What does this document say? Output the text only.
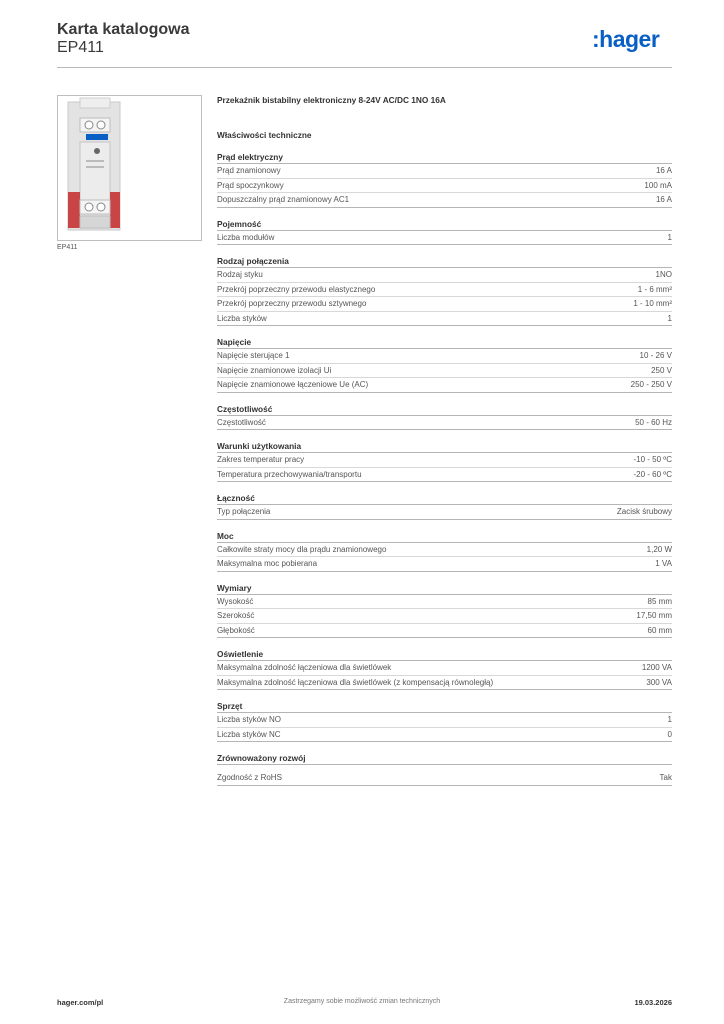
Karta katalogowa
EP411	:hager
EP411
Przekaźnik bistabilny elektroniczny 8-24V AC/DC 1NO 16A
Właściwości techniczne
Prąd elektryczny
Prąd znamionowy	16 A
Prąd spoczynkowy	100 mA
Dopuszczalny prąd znamionowy AC1	16 A
Pojemność
Liczba modułów	1
Rodzaj połączenia
Rodzaj styku	1NO
Przekrój poprzeczny przewodu elastycznego	1 - 6 mm²
Przekrój poprzeczny przewodu sztywnego	1 - 10 mm²
Liczba styków	1
Napięcie
Napięcie sterujące 1	10 - 26 V
Napięcie znamionowe izolacji Ui	250 V
Napięcie znamionowe łączeniowe Ue (AC)	250 - 250 V
Częstotliwość
Częstotliwość	50 - 60 Hz
Warunki użytkowania
Zakres temperatur pracy	-10 - 50 ºC
Temperatura przechowywania/transportu	-20 - 60 ºC
Łączność
Typ połączenia	Zacisk śrubowy
Moc
Całkowite straty mocy dla prądu znamionowego	1,20 W
Maksymalna moc pobierana	1 VA
Wymiary
Wysokość	85 mm
Szerokość	17,50 mm
Głębokość	60 mm
Oświetlenie
Maksymalna zdolność łączeniowa dla świetlówek	1200 VA
Maksymalna zdolność łączeniowa dla świetlówek (z kompensacją równoległą)	300 VA
Sprzęt
Liczba styków NO	1
Liczba styków NC	0
Zrównoważony rozwój
Zgodność z RoHS	Tak
hager.com/pl	Zastrzegamy sobie możliwość zmian technicznych	19.03.2026
